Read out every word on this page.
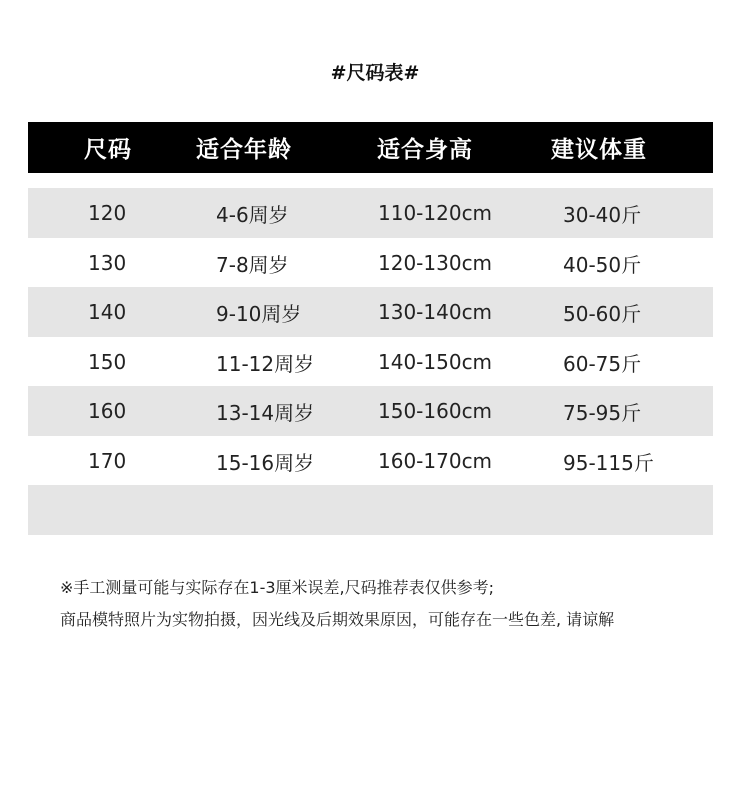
#尺码表#
尺码	适合年龄	适合身高	建议体重
120	4-6周岁	110-120cm	30-40斤
130	7-8周岁	120-130cm	40-50斤
140	9-10周岁	130-140cm	50-60斤
150	11-12周岁	140-150cm	60-75斤
160	13-14周岁	150-160cm	75-95斤
170	15-16周岁	160-170cm	95-115斤
※手工测量可能与实际存在1-3厘米误差,尺码推荐表仅供参考;
商品模特照片为实物拍摄，因光线及后期效果原因，可能存在一些色差, 请谅解
